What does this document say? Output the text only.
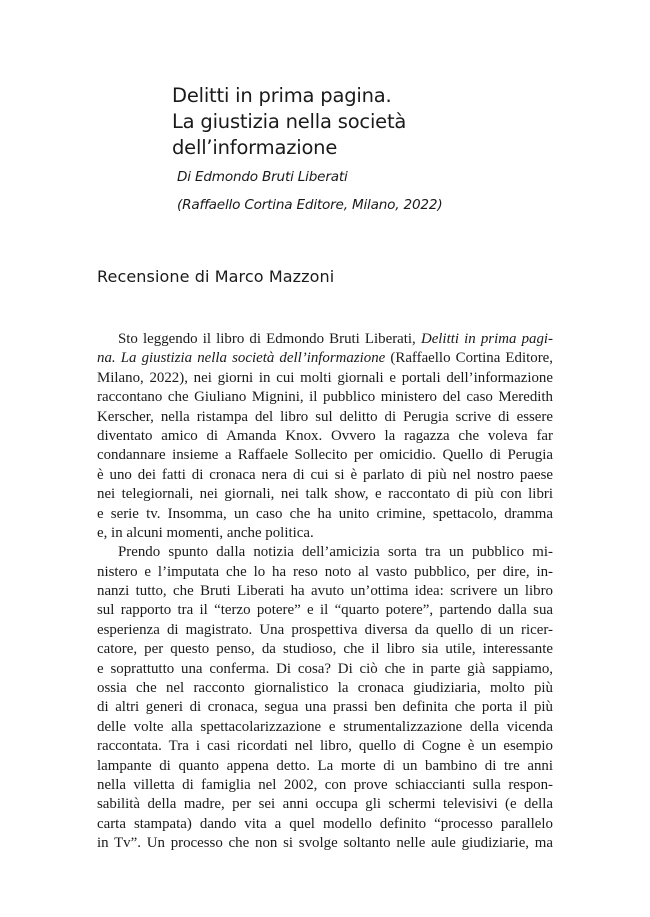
Delitti in prima pagina.
La giustizia nella società
dell’informazione
Di Edmondo Bruti Liberati
(Raffaello Cortina Editore, Milano, 2022)
Recensione di Marco Mazzoni
Sto leggendo il libro di Edmondo Bruti Liberati, Delitti in prima pagi-
na. La giustizia nella società dell’informazione (Raffaello Cortina Editore,
Milano, 2022), nei giorni in cui molti giornali e portali dell’informazione
raccontano che Giuliano Mignini, il pubblico ministero del caso Meredith
Kerscher, nella ristampa del libro sul delitto di Perugia scrive di essere
diventato amico di Amanda Knox. Ovvero la ragazza che voleva far
condannare insieme a Raffaele Sollecito per omicidio. Quello di Perugia
è uno dei fatti di cronaca nera di cui si è parlato di più nel nostro paese
nei telegiornali, nei giornali, nei talk show, e raccontato di più con libri
e serie tv. Insomma, un caso che ha unito crimine, spettacolo, dramma
e, in alcuni momenti, anche politica.
Prendo spunto dalla notizia dell’amicizia sorta tra un pubblico mi-
nistero e l’imputata che lo ha reso noto al vasto pubblico, per dire, in-
nanzi tutto, che Bruti Liberati ha avuto un’ottima idea: scrivere un libro
sul rapporto tra il “terzo potere” e il “quarto potere”, partendo dalla sua
esperienza di magistrato. Una prospettiva diversa da quello di un ricer-
catore, per questo penso, da studioso, che il libro sia utile, interessante
e soprattutto una conferma. Di cosa? Di ciò che in parte già sappiamo,
ossia che nel racconto giornalistico la cronaca giudiziaria, molto più
di altri generi di cronaca, segua una prassi ben definita che porta il più
delle volte alla spettacolarizzazione e strumentalizzazione della vicenda
raccontata. Tra i casi ricordati nel libro, quello di Cogne è un esempio
lampante di quanto appena detto. La morte di un bambino di tre anni
nella villetta di famiglia nel 2002, con prove schiaccianti sulla respon-
sabilità della madre, per sei anni occupa gli schermi televisivi (e della
carta stampata) dando vita a quel modello definito “processo parallelo
in Tv”. Un processo che non si svolge soltanto nelle aule giudiziarie, ma
